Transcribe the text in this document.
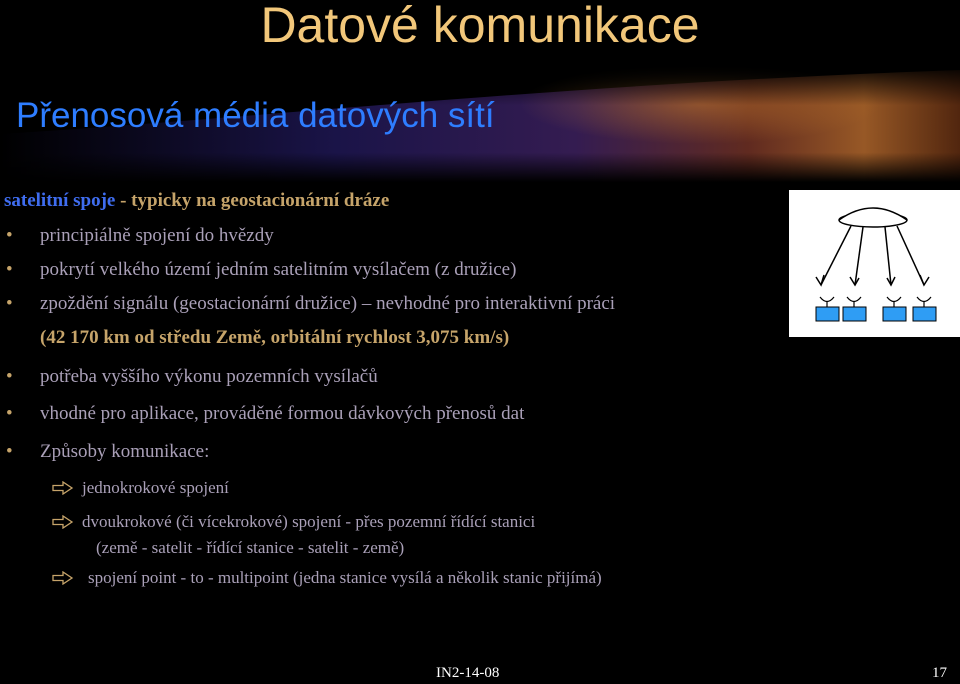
Datové komunikace
Přenosová média datových sítí
satelitní spoje - typicky na geostacionární dráze
• principiálně spojení do hvězdy
• pokrytí velkého území jedním satelitním vysílačem (z družice)
• zpoždění signálu (geostacionární družice) – nevhodné pro interaktivní práci
(42 170 km od středu Země, orbitální rychlost 3,075 km/s)
• potřeba vyššího výkonu pozemních vysílačů
• vhodné pro aplikace, prováděné formou dávkových přenosů dat
• Způsoby komunikace:
jednokrokové spojení
dvoukrokové (či vícekrokové) spojení - přes pozemní řídící stanici
(země - satelit - řídící stanice - satelit - země)
spojení point - to - multipoint (jedna stanice vysílá a několik stanic přijímá)
IN2-14-08	17
